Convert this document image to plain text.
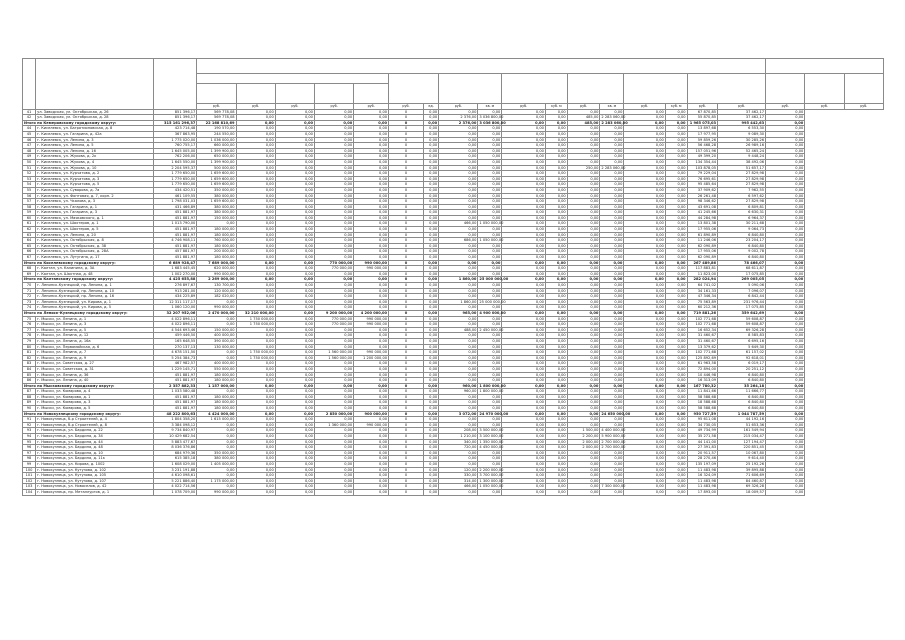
			руб.	руб.	руб.	руб.	руб.	руб.	ед.	руб.	кв. м	руб.	куб. м	руб.	кв. м	руб.	куб. м	руб.	руб.	руб.	руб.	руб.
41	ул. Заводская, ул. Октябрьская, д. 26	851 396,17	569 778,08	0,00	0,00	0,00	0,00	0	0,00	0,00	0,00	0,00	0,00	0,00	0,00	0,00	0,00	67 870,85	37 462,17	0,00		
42	ул. Заводская, ул. Октябрьская, д. 28	851 396,17	569 778,08	0,00	0,00	0,00	0,00	0	0,00	2 376,00	3 036 800,00	0,00	0,00	485,00	2 283 060,00	0,00	0,00	55 870,85	37 462,17	0,00		
Итого по Кемеровскому городскому округу:		315 161 296,37	22 168 810,69	0,00	0,00	0,00	0,00	0	0,00	2 376,00	3 036 800,00	0,00	0,00	485,00	2 283 060,00	0,00	0,00	1 965 075,03	995 442,63	0,00		
44	г. Киселевск, ул. Багратионовская, д. 8	423 714,48	190 570,00	0,00	0,00	0,00	0,00	0	0,00	0,00	0,00	0,00	0,00	0,00	0,00	0,00	0,00	13 897,68	6 553,30	0,00		
45	г. Киселевск, ул. Гагарина, д. 42а	367 863,95	244 550,00	0,00	0,00	0,00	0,00	0	0,00	0,00	0,00	0,00	0,00	0,00	0,00	0,00	0,00	17 977,95	9 089,30	0,00		
46	г. Киселевск, ул. Ленина, д. 3	1 775 020,00	1 036 000,00	0,00	0,00	0,00	0,00	0	0,00	0,00	0,00	0,00	0,00	0,00	0,00	0,00	0,00	59 859,26	30 285,26	0,00		
47	г. Киселевск, ул. Ленина, д. 5	760 755,17	660 000,00	0,00	0,00	0,00	0,00	0	0,00	0,00	0,00	0,00	0,00	0,00	0,00	0,00	0,00	56 468,28	26 989,16	0,00		
48	г. Киселевск, ул. Ленина, д. 16	1 645 005,00	1 399 900,00	0,00	0,00	0,00	0,00	0	0,00	0,00	0,00	0,00	0,00	0,00	0,00	0,00	0,00	157 051,96	52 465,24	0,00		
49	г. Киселевск, ул. Жукова, д. 2к	762 206,00	650 000,00	0,00	0,00	0,00	0,00	0	0,00	0,00	0,00	0,00	0,00	0,00	0,00	0,00	0,00	49 399,20	9 448,24	0,00		
50	г. Киселевск, ул. Жукова, д. 4	1 645 550,00	1 399 900,00	0,00	0,00	0,00	0,00	0	0,00	0,00	0,00	0,00	0,00	0,00	0,00	0,00	0,00	134 354,44	38 492,06	0,00		
51	г. Киселевск, ул. Жукова, д. 10	2 204 595,37	500 000,00	0,00	0,00	0,00	0,00	0	0,00	0,00	0,00	0,00	0,00	250,00	2 283 060,00	0,00	0,00	103 878,05	51 657,17	0,00		
52	г. Киселевск, ул. Курчатова, д. 2	1 779 650,00	1 659 600,00	0,00	0,00	0,00	0,00	0	0,00	0,00	0,00	0,00	0,00	0,00	0,00	0,00	0,00	79 229,04	27 829,98	0,00		
53	г. Киселевск, ул. Курчатова, д. 3	1 779 650,00	1 659 600,00	0,00	0,00	0,00	0,00	0	0,00	0,00	0,00	0,00	0,00	0,00	0,00	0,00	0,00	76 695,61	27 829,98	0,00		
54	г. Киселевск, ул. Курчатова, д. 5	1 779 650,00	1 659 600,00	0,00	0,00	0,00	0,00	0	0,00	0,00	0,00	0,00	0,00	0,00	0,00	0,00	0,00	95 485,64	27 829,98	0,00		
55	г. Киселевск, ул. Суворова, д. 7а	434 420,51	350 000,00	0,00	0,00	0,00	0,00	0	0,00	0,00	0,00	0,00	0,00	0,00	0,00	0,00	0,00	37 909,62	7 962,55	0,00		
56	г. Киселевск, ул. Фонтовая, д. 7, корп. 2	461 109,55	380 000,00	0,00	0,00	0,00	0,00	0	0,00	0,00	0,00	0,00	0,00	0,00	0,00	0,00	0,00	26 261,48	6 597,62	0,00		
57	г. Киселевск, ул. Чкалова, д. 3	1 798 031,03	1 659 600,00	0,00	0,00	0,00	0,00	0	0,00	0,00	0,00	0,00	0,00	0,00	0,00	0,00	0,00	98 346,62	27 829,98	0,00		
58	г. Киселевск, ул. Гагарина, д. 1	431 466,89	380 000,00	0,00	0,00	0,00	0,00	0	0,00	0,00	0,00	0,00	0,00	0,00	0,00	0,00	0,00	43 691,08	6 809,81	0,00		
59	г. Киселевск, ул. Гагарина, д. 3	451 881,97	380 000,00	0,00	0,00	0,00	0,00	0	0,00	0,00	0,00	0,00	0,00	0,00	0,00	0,00	0,00	41 245,66	6 630,31	0,00		
60	г. Киселевск, ул. Маяковского, д. 1	451 881,97	150 000,00	0,00	0,00	0,00	0,00	0	0,00	0,00	0,00	0,00	0,00	0,00	0,00	0,00	0,00	44 284,98	6 964,37	0,00		
61	г. Киселевск, ул. Шахтеров, д. 1	1 013 790,00	0,00	0,00	0,00	0,00	0,00	0	0,00	466,00	1 050 000,00	0,00	0,00	0,00	0,00	0,00	0,00	13 801,38	30 211,68	0,00		
62	г. Киселевск, ул. Шахтеров, д. 5	451 881,97	180 000,00	0,00	0,00	0,00	0,00	0	0,00	0,00	0,00	0,00	0,00	0,00	0,00	0,00	0,00	17 955,06	9 064,73	0,00		
63	г. Киселевск, ул. Ленина, д. 20	451 881,97	180 000,00	0,00	0,00	0,00	0,00	0	0,00	0,00	0,00	0,00	0,00	0,00	0,00	0,00	0,00	61 890,89	6 840,80	0,00		
64	г. Киселевск, ул. Октябрьская, д. 8	4 746 908,11	760 000,00	0,00	0,00	0,00	0,00	0	0,00	686,00	1 050 000,00	0,00	0,00	0,00	0,00	0,00	0,00	11 246,06	23 204,17	0,00		
65	г. Киселевск, ул. Октябрьская, д. 38	451 881,97	180 000,00	0,00	0,00	0,00	0,00	0	0,00	0,00	0,00	0,00	0,00	0,00	0,00	0,00	0,00	62 090,89	6 840,80	0,00		
66	г. Киселевск, ул. Октябрьская, д. 28А	457 881,97	200 000,00	0,00	0,00	0,00	0,00	0	0,00	0,00	0,00	0,00	0,00	0,00	0,00	0,00	0,00	17 955,06	9 002,78	0,00		
67	г. Киселевск, ул. Лутугина, д. 17	451 881,97	180 000,00	0,00	0,00	0,00	0,00	0	0,00	0,00	0,00	0,00	0,00	0,00	0,00	0,00	0,00	62 090,89	6 840,80	0,00		
Итого по Киселевскому городскому округу:		6 689 928,47	7 689 000,00	0,00	0,00	770 000,00	990 000,00	0	0,00	0,00	0,00	0,00	0,00	0,00	0,00	0,00	0,00	267 489,86	78 466,07	0,00		
68	г. Калтан, ул. Калинина, д. 3А	1 683 445,45	620 000,00	0,00	0,00	770 000,00	990 000,00	0	0,00	0,00	0,00	0,00	0,00	0,00	0,00	0,00	0,00	117 883,81	68 611,87	0,00		
69	г. Калтан, ул. Шахтная, д. 48	1 002 270,00	990 000,00	0,00	0,00	0,00	0,00	0	0,00	0,00	0,00	0,00	0,00	0,00	0,00	0,00	0,00	11 823,00	17 075,85	0,00		
Итого по Калтанскому городскому округу:		4 425 655,88	2 269 000,00	0,00	0,00	0,00	0,00	0	0,00	1 860,00	25 000 000,00	0,00	0,00	0,00	0,00	0,00	0,00	282 024,94	269 005,05	0,00		
70	г. Ленинск-Кузнецкий, пр. Ленина, д. 1	276 897,67	130 700,00	0,00	0,00	0,00	0,00	0	0,00	0,00	0,00	0,00	0,00	0,00	0,00	0,00	0,00	64 741,02	5 090,06	0,00		
71	г. Ленинск-Кузнецкий, пр. Ленина, д. 10	913 281,00	120 000,00	0,00	0,00	0,00	0,00	0	0,00	0,00	0,00	0,00	0,00	0,00	0,00	0,00	0,00	34 161,33	7 096,07	0,00		
72	г. Ленинск-Кузнецкий, пр. Ленина, д. 16	434 225,89	182 020,00	0,00	0,00	0,00	0,00	0	0,00	0,00	0,00	0,00	0,00	0,00	0,00	0,00	0,00	47 346,34	6 842,44	0,00		
73	г. Ленинск-Кузнецкий, ул. Кирова, д. 1	12 311 117,17	0,00	0,00	0,00	0,00	0,00	0	0,00	1 860,00	25 000 000,00	0,00	0,00	0,00	0,00	0,00	0,00	75 563,89	231 976,44	0,00		
74	г. Ленинск-Кузнецкий, ул. Кирова, д. 5	1 060 120,00	990 000,00	0,00	0,00	0,00	0,00	0	0,00	0,00	0,00	0,00	0,00	0,00	0,00	0,00	0,00	60 212,36	17 075,85	0,00		
Итого по Лениск-Кузнецкому городскому округу:		32 207 952,06	2 470 000,00	32 210 000,00	0,00	9 200 000,00	4 200 000,00	0	0,00	965,00	4 900 000,00	0,00	0,00	0,00	0,00	0,00	0,00	719 881,26	359 642,69	0,00		
75	г. Мыски, ул. Ленина, д. 1	4 022 896,11	0,00	1 750 000,00	0,00	770 000,00	990 000,00	0	0,00	0,00	0,00	0,00	0,00	0,00	0,00	0,00	0,00	102 771,68	59 608,87	0,00		
76	г. Мыски, ул. Ленина, д. 3	4 022 896,11	0,00	1 750 000,00	0,00	770 000,00	990 000,00	0	0,00	0,00	0,00	0,00	0,00	0,00	0,00	0,00	0,00	102 771,68	59 608,87	0,00		
77	г. Мыски, ул. Ленина, д. 5	4 544 693,46	150 000,00	0,00	0,00	0,00	0,00	0	0,00	488,00	2 450 000,00	0,00	0,00	0,00	0,00	0,00	0,00	16 652,34	69 326,28	0,00		
78	г. Мыски, ул. Ленина, д. 12	459 446,50	400 000,00	0,00	0,00	0,00	0,00	0	0,00	0,00	0,00	0,00	0,00	0,00	0,00	0,00	0,00	31 460,67	8 585,83	0,00		
79	г. Мыски, ул. Ленина, д. 16а	165 648,55	390 000,00	0,00	0,00	0,00	0,00	0	0,00	0,00	0,00	0,00	0,00	0,00	0,00	0,00	0,00	31 460,67	6 695,16	0,00		
80	г. Мыски, ул. Первомайская, д. 6	270 137,13	130 000,00	0,00	0,00	0,00	0,00	0	0,00	0,00	0,00	0,00	0,00	0,00	0,00	0,00	0,00	13 379,62	5 649,30	0,00		
81	г. Мыски, ул. Ленина, д. 7	4 678 151,50	0,00	1 750 000,00	0,00	1 560 000,00	990 000,00	0	0,00	0,00	0,00	0,00	0,00	0,00	0,00	0,00	0,00	102 771,68	61 157,02	0,00		
82	г. Мыски, ул. Ленина, д. 9	5 254 384,73	0,00	1 750 000,00	0,00	1 560 000,00	1 200 000,00	0	0,00	0,00	0,00	0,00	0,00	0,00	0,00	0,00	0,00	125 892,69	92 618,01	0,00		
83	г. Мыски, ул. Советская, д. 27	467 982,57	400 000,00	0,00	0,00	0,00	0,00	0	0,00	0,00	0,00	0,00	0,00	0,00	0,00	0,00	0,00	61 963,58	6 019,17	0,00		
84	г. Мыски, ул. Советская, д. 31	1 229 145,71	550 000,00	0,00	0,00	0,00	0,00	0	0,00	0,00	0,00	0,00	0,00	0,00	0,00	0,00	0,00	72 894,00	20 251,12	0,00		
85	г. Мыски, ул. Ленина, д. 36	451 881,97	180 000,00	0,00	0,00	0,00	0,00	0	0,00	0,00	0,00	0,00	0,00	0,00	0,00	0,00	0,00	10 446,98	6 840,80	0,00		
86	г. Мыски, ул. Ленина, д. 40	451 881,97	180 000,00	0,00	0,00	0,00	0,00	0	0,00	0,00	0,00	0,00	0,00	0,00	0,00	0,00	0,00	16 313,09	6 840,80	0,00		
Итого по Мысковскому городскому округу:		2 357 882,33	1 157 000,00	0,00	0,00	0,00	0,00	0	0,00	960,00	1 800 000,00	0,00	0,00	0,00	0,00	0,00	0,00	167 780,32	35 264,18	0,00		
87	г. Мыски, ул. Комарова, д. 4	1 033 580,48	0,00	0,00	0,00	0,00	0,00	0	0,00	960,00	1 800 000,00	0,00	0,00	0,00	0,00	0,00	0,00	11 841,66	11 666,77	0,00		
88	г. Мыски, ул. Комарова, д. 1	451 881,97	180 000,00	0,00	0,00	0,00	0,00	0	0,00	0,00	0,00	0,00	0,00	0,00	0,00	0,00	0,00	58 588,68	6 840,80	0,00		
89	г. Мыски, ул. Комарова, д. 3	451 881,97	180 000,00	0,00	0,00	0,00	0,00	0	0,00	0,00	0,00	0,00	0,00	0,00	0,00	0,00	0,00	18 588,68	6 840,80	0,00		
90	г. Мыски, ул. Комарова, д. 5	451 881,97	180 000,00	0,00	0,00	0,00	0,00	0	0,00	0,00	0,00	0,00	0,00	0,00	0,00	0,00	0,00	58 588,68	6 840,80	0,00		
Итого по Новокузнецкому городскому округу:		48 222 800,63	4 424 000,00	0,00	0,00	2 850 000,00	900 000,00	0	0,00	3 072,00	24 970 000,00	0,00	0,00	0,00	24 650 000,00	0,00	0,00	950 727,59	1 044 787,59	0,00		
91	г. Новокузнецк, б-р Строителей, д. 4	1 804 358,20	1 615 000,00	0,00	0,00	0,00	0,00	0	0,00	0,00	0,00	0,00	0,00	0,00	0,00	0,00	0,00	95 611,08	44 192,16	0,00		
92	г. Новокузнецк, б-р Строителей, д. 8	3 384 098,12	0,00	0,00	0,00	1 360 000,00	990 000,00	0	0,00	0,00	0,00	0,00	0,00	0,00	0,00	0,00	0,00	34 730,05	51 653,36	0,00		
93	г. Новокузнецк, ул. Бардина, д. 22	9 734 840,97	0,00	0,00	0,00	0,00	0,00	0	0,00	208,00	3 500 000,00	0,00	0,00	1 500,00	4 400 000,00	0,00	0,00	49 734,99	161 549,94	0,00		
94	г. Новокузнецк, ул. Бардина, д. 34	10 429 682,54	0,00	0,00	0,00	0,00	0,00	0	0,00	1 210,00	3 100 000,00	0,00	0,00	2 200,00	5 900 000,00	0,00	0,00	35 271,58	215 034,47	0,00		
95	г. Новокузнецк, ул. Бардина, д. 44	5 883 477,67	0,00	0,00	0,00	0,00	0,00	0	0,00	340,00	1 350 000,00	0,00	0,00	2 000,00	2 700 000,00	0,00	0,00	44 141,00	127 194,47	0,00		
96	г. Новокузнецк, ул. Бардина, д. 48	8 036 376,86	0,00	0,00	0,00	0,00	0,00	0	0,00	720,00	4 450 000,00	0,00	0,00	2 000,00	2 700 000,00	0,00	0,00	27 391,83	220 851,45	0,00		
97	г. Новокузнецк, ул. Бардина, д. 10	684 979,36	350 000,00	0,00	0,00	0,00	0,00	0	0,00	0,00	0,00	0,00	0,00	0,00	0,00	0,00	0,00	20 911,57	10 067,80	0,00		
98	г. Новокузнецк, ул. Бардина, д. 11к	615 385,18	380 000,00	0,00	0,00	0,00	0,00	0	0,00	0,00	0,00	0,00	0,00	0,00	0,00	0,00	0,00	28 270,46	9 614,40	0,00		
99	г. Новокузнецк, ул. Кирова, д. 1002	1 608 029,00	1 405 000,00	0,00	0,00	0,00	0,00	0	0,00	0,00	0,00	0,00	0,00	0,00	0,00	0,00	0,00	135 197,09	25 192,26	0,00		
100	г. Новокузнецк, ул. Кутузова, д. 102	3 231 191,88	0,00	0,00	0,00	0,00	0,00	0	0,00	120,00	2 200 000,00	0,00	0,00	0,00	0,00	0,00	0,00	11 483,98	39 895,88	0,00		
101	г. Новокузнецк, ул. Кутузова, д. 105	4 610 098,61	0,00	0,00	0,00	0,00	0,00	0	0,00	330,00	3 700 000,00	0,00	0,00	0,00	0,00	0,00	0,00	16 324,09	71 606,69	0,00		
102	г. Новокузнецк, ул. Кутузова, д. 107	5 221 886,40	1 175 000,00	0,00	0,00	0,00	0,00	0	0,00	314,00	1 300 000,00	0,00	0,00	0,00	0,00	0,00	0,00	11 483,98	84 460,87	0,00		
103	г. Новокузнецк, ул. Новоселов, д. 42	4 022 714,56	0,00	0,00	0,00	0,00	0,00	0	0,00	466,00	1 050 000,00	0,00	0,00	0,00	7 300 000,00	0,00	0,00	11 483,98	69 326,28	0,00		
104	г. Новокузнецк, пр. Металлургов, д. 1	1 078 709,00	990 000,00	0,00	0,00	0,00	0,00	0	0,00	0,00	0,00	0,00	0,00	0,00	0,00	0,00	0,00	17 893,00	18 009,57	0,00		
